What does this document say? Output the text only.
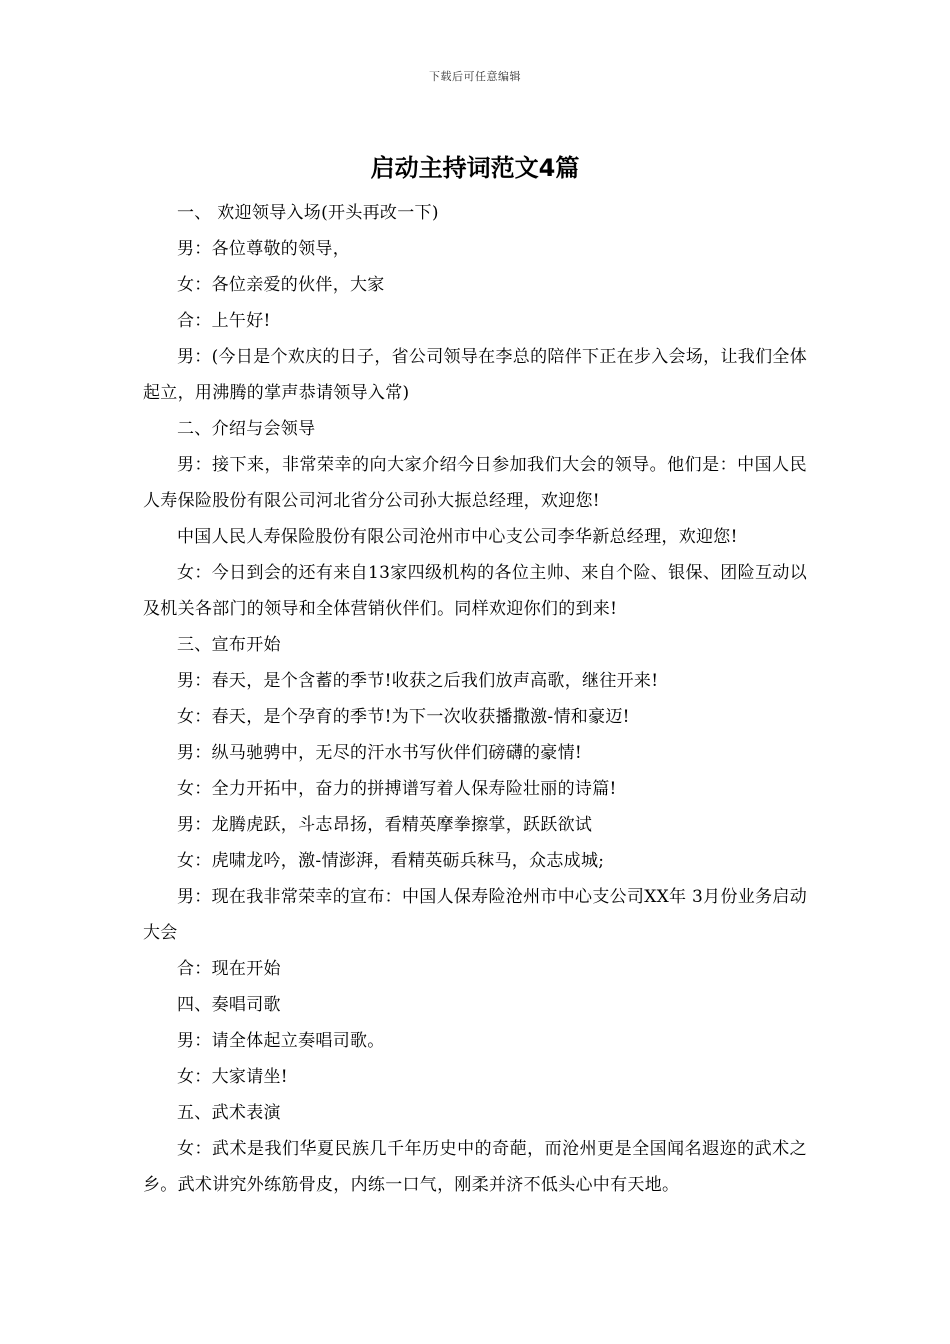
下载后可任意编辑
启动主持词范文4篇

一、 欢迎领导入场(开头再改一下)

男：各位尊敬的领导，

女：各位亲爱的伙伴，大家

合：上午好!

男：(今日是个欢庆的日子，省公司领导在李总的陪伴下正在步入会场，让我们全体起立，用沸腾的掌声恭请领导入常)

二、介绍与会领导

男：接下来，非常荣幸的向大家介绍今日参加我们大会的领导。他们是：中国人民人寿保险股份有限公司河北省分公司孙大振总经理，欢迎您!

中国人民人寿保险股份有限公司沧州市中心支公司李华新总经理，欢迎您!

女：今日到会的还有来自13家四级机构的各位主帅、来自个险、银保、团险互动以及机关各部门的领导和全体营销伙伴们。同样欢迎你们的到来!

三、宣布开始

男：春天，是个含蓄的季节!收获之后我们放声高歌，继往开来!

女：春天，是个孕育的季节!为下一次收获播撒激-情和豪迈!

男：纵马驰骋中，无尽的汗水书写伙伴们磅礴的豪情!

女：全力开拓中，奋力的拼搏谱写着人保寿险壮丽的诗篇!

男：龙腾虎跃，斗志昂扬，看精英摩拳擦掌，跃跃欲试

女：虎啸龙吟，激-情澎湃，看精英砺兵秣马，众志成城;

男：现在我非常荣幸的宣布：中国人保寿险沧州市中心支公司XX年 3月份业务启动大会

合：现在开始

四、奏唱司歌

男：请全体起立奏唱司歌。

女：大家请坐!

五、武术表演

女：武术是我们华夏民族几千年历史中的奇葩，而沧州更是全国闻名遐迩的武术之乡。武术讲究外练筋骨皮，内练一口气，刚柔并济不低头心中有天地。
